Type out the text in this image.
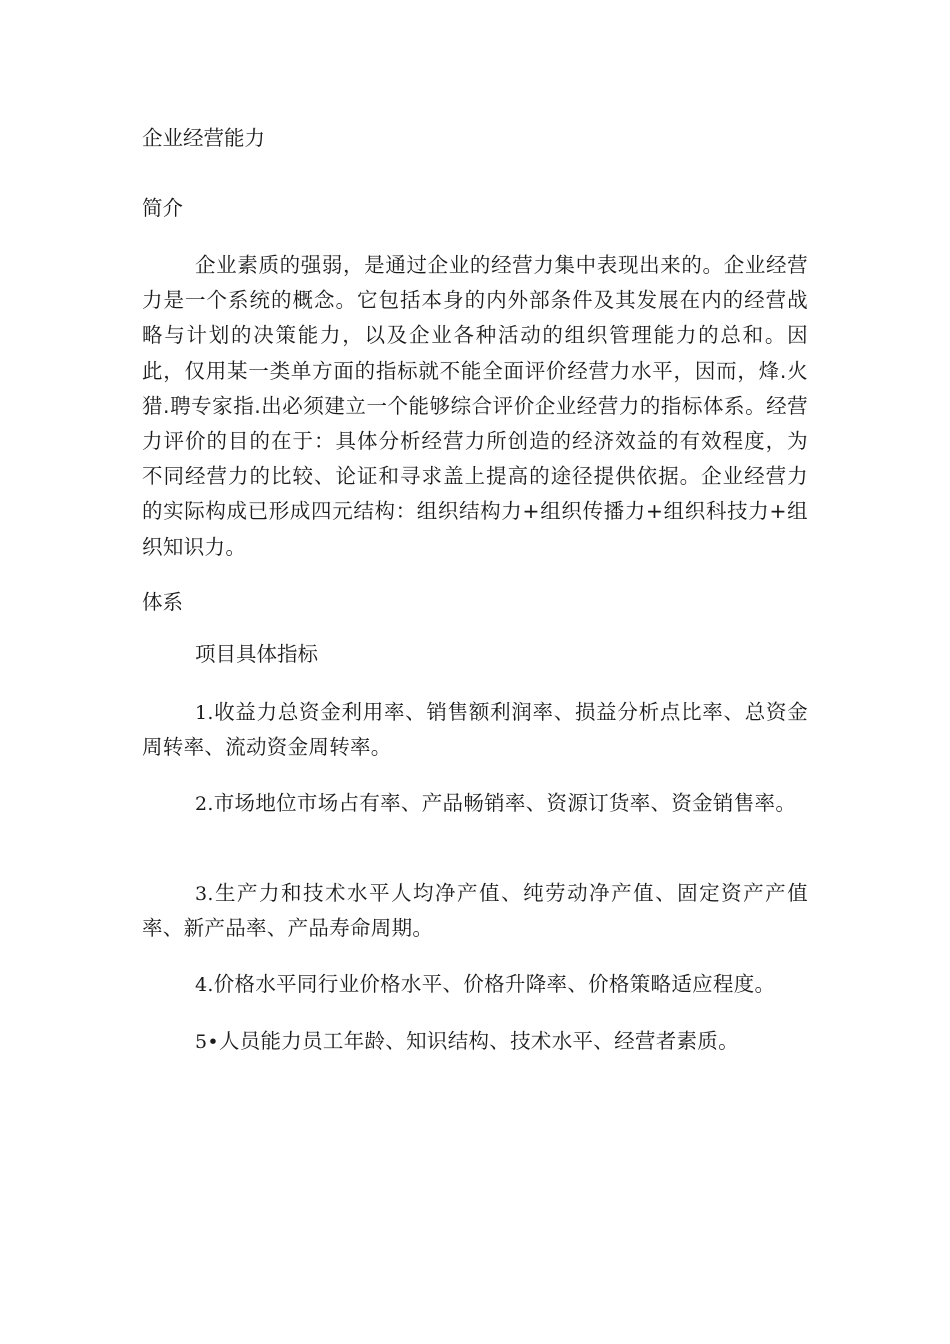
企业经营能力

简介

企业素质的强弱，是通过企业的经营力集中表现出来的。企业经营力是一个系统的概念。它包括本身的内外部条件及其发展在内的经营战略与计划的决策能力，以及企业各种活动的组织管理能力的总和。因此，仅用某一类单方面的指标就不能全面评价经营力水平，因而，烽.火猎.聘专家指.出必须建立一个能够综合评价企业经营力的指标体系。经营力评价的目的在于：具体分析经营力所创造的经济效益的有效程度，为不同经营力的比较、论证和寻求盖上提高的途径提供依据。企业经营力的实际构成已形成四元结构：组织结构力+组织传播力+组织科技力+组织知识力。

体系

项目具体指标

1.收益力总资金利用率、销售额利润率、损益分析点比率、总资金周转率、流动资金周转率。

2.市场地位市场占有率、产品畅销率、资源订货率、资金销售率。

3.生产力和技术水平人均净产值、纯劳动净产值、固定资产产值率、新产品率、产品寿命周期。

4.价格水平同行业价格水平、价格升降率、价格策略适应程度。

5•人员能力员工年龄、知识结构、技术水平、经营者素质。
